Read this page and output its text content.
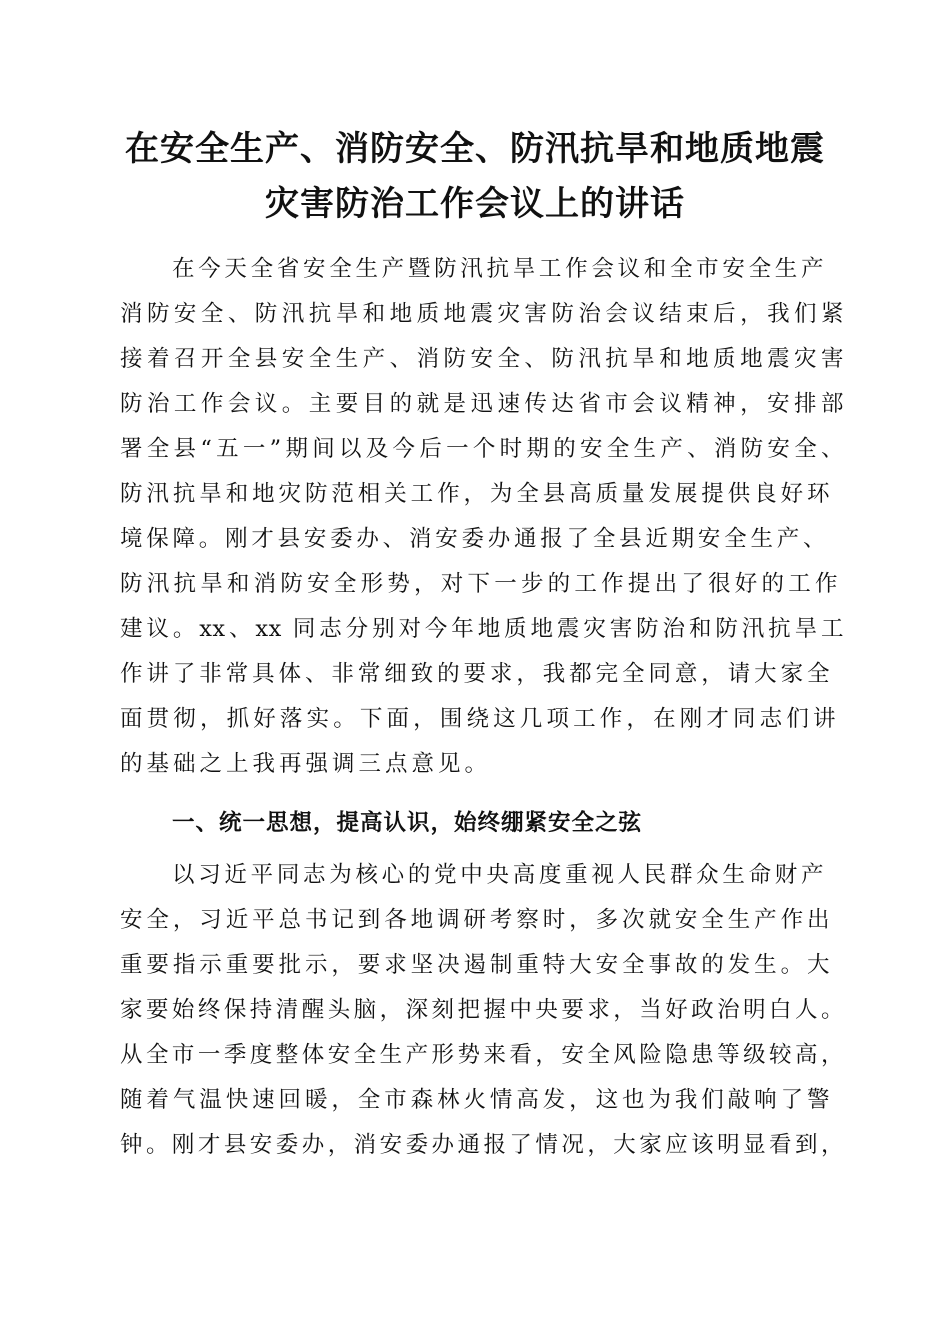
在安全生产、消防安全、防汛抗旱和地质地震
灾害防治工作会议上的讲话
在今天全省安全生产暨防汛抗旱工作会议和全市安全生产
消防安全、防汛抗旱和地质地震灾害防治会议结束后，我们紧
接着召开全县安全生产、消防安全、防汛抗旱和地质地震灾害
防治工作会议。主要目的就是迅速传达省市会议精神，安排部
署全县“五一”期间以及今后一个时期的安全生产、消防安全、
防汛抗旱和地灾防范相关工作，为全县高质量发展提供良好环
境保障。刚才县安委办、消安委办通报了全县近期安全生产、
防汛抗旱和消防安全形势，对下一步的工作提出了很好的工作
建议。xx、xx 同志分别对今年地质地震灾害防治和防汛抗旱工
作讲了非常具体、非常细致的要求，我都完全同意，请大家全
面贯彻，抓好落实。下面，围绕这几项工作，在刚才同志们讲
的基础之上我再强调三点意见。
一、统一思想，提高认识，始终绷紧安全之弦
以习近平同志为核心的党中央高度重视人民群众生命财产
安全，习近平总书记到各地调研考察时，多次就安全生产作出
重要指示重要批示，要求坚决遏制重特大安全事故的发生。大
家要始终保持清醒头脑，深刻把握中央要求，当好政治明白人。
从全市一季度整体安全生产形势来看，安全风险隐患等级较高，
随着气温快速回暖，全市森林火情高发，这也为我们敲响了警
钟。刚才县安委办，消安委办通报了情况，大家应该明显看到，
